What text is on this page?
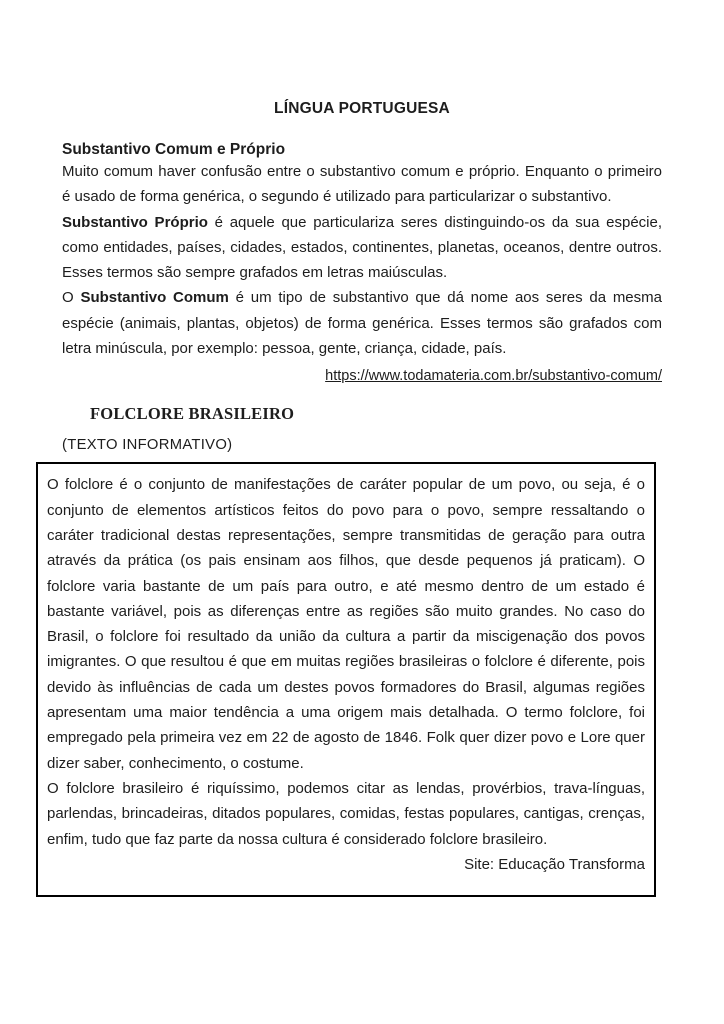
LÍNGUA PORTUGUESA
Substantivo Comum e Próprio

Muito comum haver confusão entre o substantivo comum e próprio. Enquanto o primeiro é usado de forma genérica, o segundo é utilizado para particularizar o substantivo.

Substantivo Próprio é aquele que particulariza seres distinguindo-os da sua espécie, como entidades, países, cidades, estados, continentes, planetas, oceanos, dentre outros. Esses termos são sempre grafados em letras maiúsculas.

O Substantivo Comum é um tipo de substantivo que dá nome aos seres da mesma espécie (animais, plantas, objetos) de forma genérica. Esses termos são grafados com letra minúscula, por exemplo: pessoa, gente, criança, cidade, país.

https://www.todamateria.com.br/substantivo-comum/

FOLCLORE BRASILEIRO

(TEXTO INFORMATIVO)

O folclore é o conjunto de manifestações de caráter popular de um povo, ou seja, é o conjunto de elementos artísticos feitos do povo para o povo, sempre ressaltando o caráter tradicional destas representações, sempre transmitidas de geração para outra através da prática (os pais ensinam aos filhos, que desde pequenos já praticam). O folclore varia bastante de um país para outro, e até mesmo dentro de um estado é bastante variável, pois as diferenças entre as regiões são muito grandes. No caso do Brasil, o folclore foi resultado da união da cultura a partir da miscigenação dos povos imigrantes. O que resultou é que em muitas regiões brasileiras o folclore é diferente, pois devido às influências de cada um destes povos formadores do Brasil, algumas regiões apresentam uma maior tendência a uma origem mais detalhada. O termo folclore, foi empregado pela primeira vez em 22 de agosto de 1846. Folk quer dizer povo e Lore quer dizer saber, conhecimento, o costume.

O folclore brasileiro é riquíssimo, podemos citar as lendas, provérbios, trava-línguas, parlendas, brincadeiras, ditados populares, comidas, festas populares, cantigas, crenças, enfim, tudo que faz parte da nossa cultura é considerado folclore brasileiro.

Site: Educação Transforma
